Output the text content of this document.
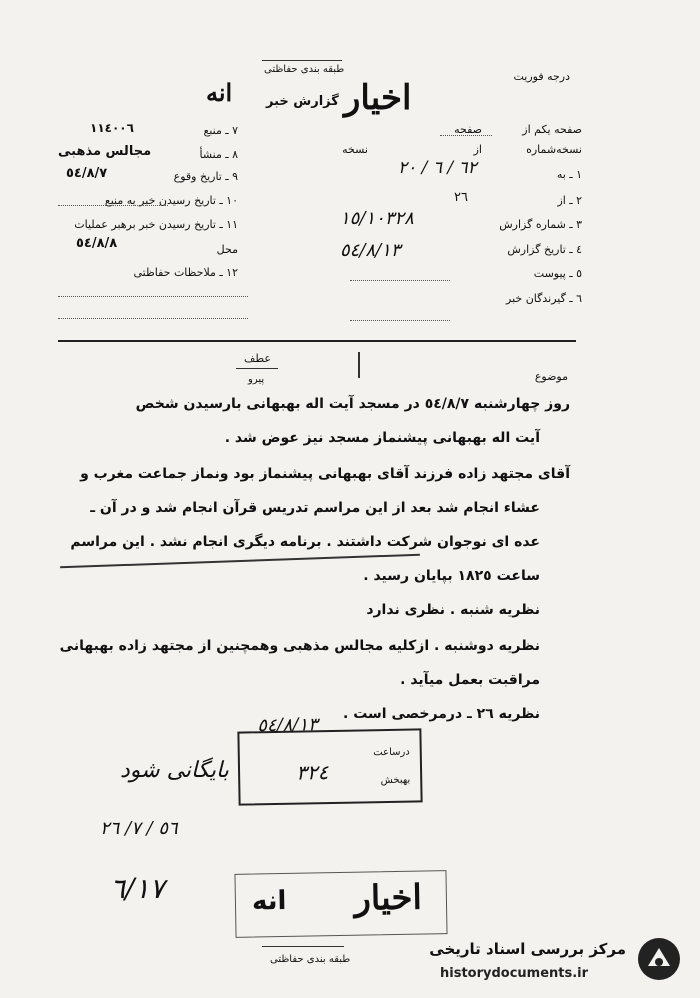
طبقه بندی حفاظتی
درجه فوریت
انه	گزارش خبر اخیار
صفحه یکم از
صفحه
نسخه‌شماره
از
نسخه
١ ـ به
٦٢ / ٦ / ٢٠
٢ ـ از
٢٦
٣ ـ شماره گزارش
١٥/١٠٣٢٨
٤ ـ تاریخ گزارش
٥٤/٨/١٣
٥ ـ پیوست
٦ ـ گیرندگان خبر
٧ ـ منبع
١١٤٠٠٦
٨ ـ منشأ
مجالس مذهبی
٩ ـ تاریخ وقوع
٥٤/٨/٧
١٠ ـ تاریخ رسیدن خبر به منبع
١١ ـ تاریخ رسیدن خبر برهبر عملیات
محل
٥٤/٨/٨
١٢ ـ ملاحظات حفاظتی
موضوع
عطف
پیرو
روز چهارشنبه ٥٤/٨/٧ در مسجد آیت اله بهبهانی بارسیدن شخص
آیت اله بهبهانی پیشنماز مسجد نیز عوض شد .
آقای مجتهد زاده فرزند آقای بهبهانی پیشنماز بود ونماز جماعت مغرب و
عشاء انجام شد بعد از این مراسم تدریس قرآن انجام شد و در آن ـ
عده ای نوجوان شرکت داشتند . برنامه دیگری انجام نشد . این مراسم
ساعت ١٨٢٥ بپایان رسید .
نظریه شنبه . نظری ندارد
نظریه دوشنبه . ازکلیه مجالس مذهبی وهمچنین از مجتهد زاده بهبهانی
مراقبت بعمل میآید .
نظریه ٢٦ ـ درمرخصی است .
درساعت
بهبخش
٣٢٤
٥٤/٨/١٣
بایگانی شود
٥٦ / ٧/ ٢٦
٦/١٧	اخیار
انه
طبقه بندی حفاظتی
مرکز بررسی اسناد تاریخی
historydocuments.ir
